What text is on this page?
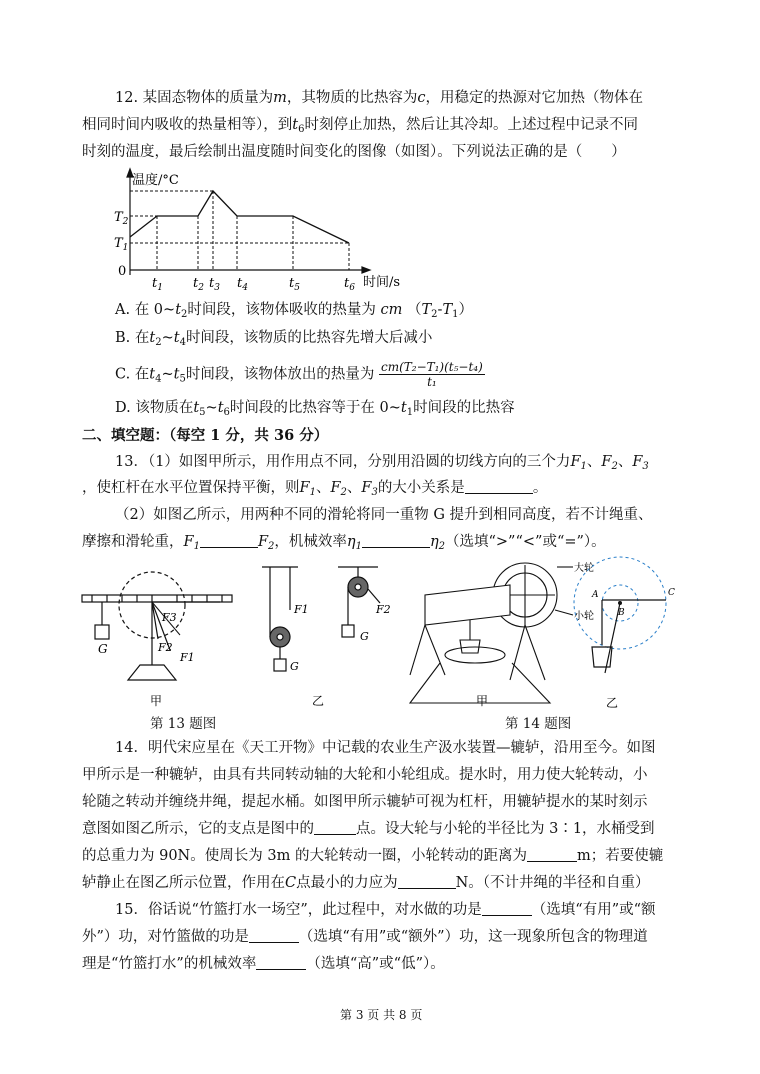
12. 某固态物体的质量为m，其物质的比热容为c，用稳定的热源对它加热（物体在
相同时间内吸收的热量相等），到$t_6$时刻停止加热，然后让其冷却。上述过程中记录不同
时刻的温度，最后绘制出温度随时间变化的图像（如图）。下列说法正确的是（　　）
温度/°C
0
$T_2$
$T_1$
$t_1$ $t_2$ $t_3$ $t_4$	$t_5$	$t_6$ 时间/s
A. 在 $0\sim t_2$时间段，该物体吸收的热量为 cm $(T_2-T_1)$
B. 在$t_2\sim t_4$时间段，该物质的比热容先增大后减小
C. 在$t_4\sim t_5$时间段，该物体放出的热量为 $\frac{\text{cm(T₂−T₁)(t₅−t₄)}}{\text{t₁}}$
D. 该物质在$t_5\sim t_6$时间段的比热容等于在 $0\sim t_1$时间段的比热容
二、填空题：（每空 1 分，共 36 分）
13．（1）如图甲所示，用作用点不同，分别用沿圆的切线方向的三个力$F_1$、$F_2$、$F_3$
，使杠杆在水平位置保持平衡，则$F_1$、$F_2$、$F_3$的大小关系是	。
（2）如图乙所示，用两种不同的滑轮将同一重物 G 提升到相同高度，若不计绳重、
摩擦和滑轮重，$F_1$	$F_2$，机械效率$\eta_1$	$\eta_2$（选填“>”“<”或“=”）。
G
F3
F2
F1
甲
F1
G
F2
G
乙
大轮
小轮
甲
A
B
C
乙
第 13 题图	第 14 题图
14．明代宋应星在《天工开物》中记载的农业生产汲水装置—辘轳，沿用至今。如图
甲所示是一种辘轳，由具有共同转动轴的大轮和小轮组成。提水时，用力使大轮转动，小
轮随之转动并缠绕井绳，提起水桶。如图甲所示辘轳可视为杠杆，用辘轳提水的某时刻示
意图如图乙所示，它的支点是图中的	点。设大轮与小轮的半径比为 3∶1，水桶受到
的总重力为 90N。使周长为 3m 的大轮转动一圈，小轮转动的距离为	m；若要使辘
轳静止在图乙所示位置，作用在C点最小的力应为	N。（不计井绳的半径和自重）
15．俗话说“竹篮打水一场空”，此过程中，对水做的功是	（选填“有用”或“额
外”）功，对竹篮做的功是	（选填“有用”或“额外”）功，这一现象所包含的物理道
理是“竹篮打水”的机械效率	（选填“高”或“低”）。
第 3 页 共 8 页
